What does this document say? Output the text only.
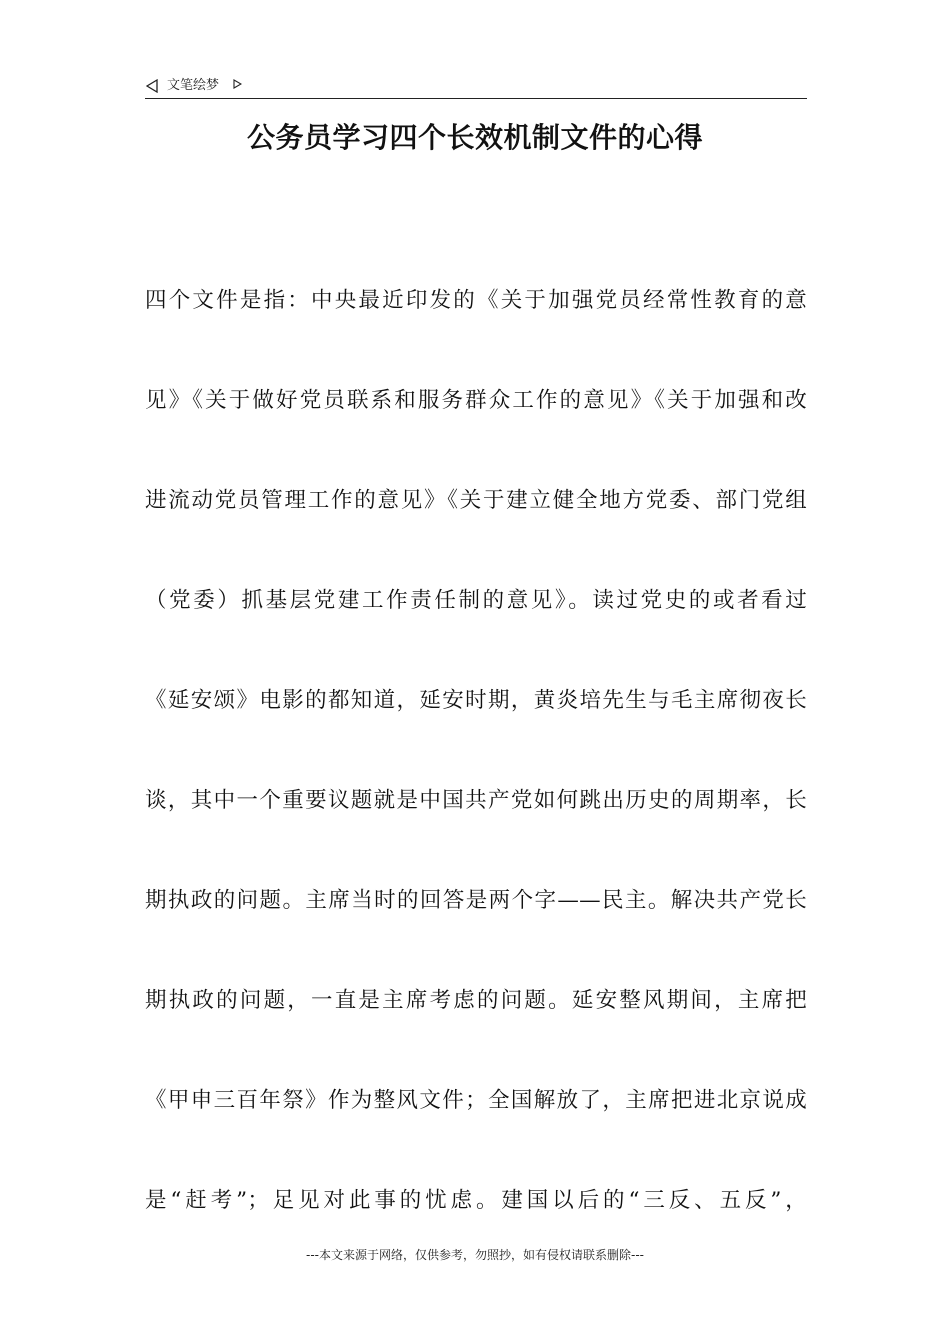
文笔绘梦
公务员学习四个长效机制文件的心得
四个文件是指：中央最近印发的《关于加强党员经常性教育的意
见》《关于做好党员联系和服务群众工作的意见》《关于加强和改
进流动党员管理工作的意见》《关于建立健全地方党委、部门党组
（党委）抓基层党建工作责任制的意见》。读过党史的或者看过
《延安颂》电影的都知道，延安时期，黄炎培先生与毛主席彻夜长
谈，其中一个重要议题就是中国共产党如何跳出历史的周期率，长
期执政的问题。主席当时的回答是两个字——民主。解决共产党长
期执政的问题，一直是主席考虑的问题。延安整风期间，主席把
《甲申三百年祭》作为整风文件；全国解放了，主席把进北京说成
是“赶考”；足见对此事的忧虑。建国以后的“三反、五反”，
---本文来源于网络，仅供参考，勿照抄，如有侵权请联系删除---
